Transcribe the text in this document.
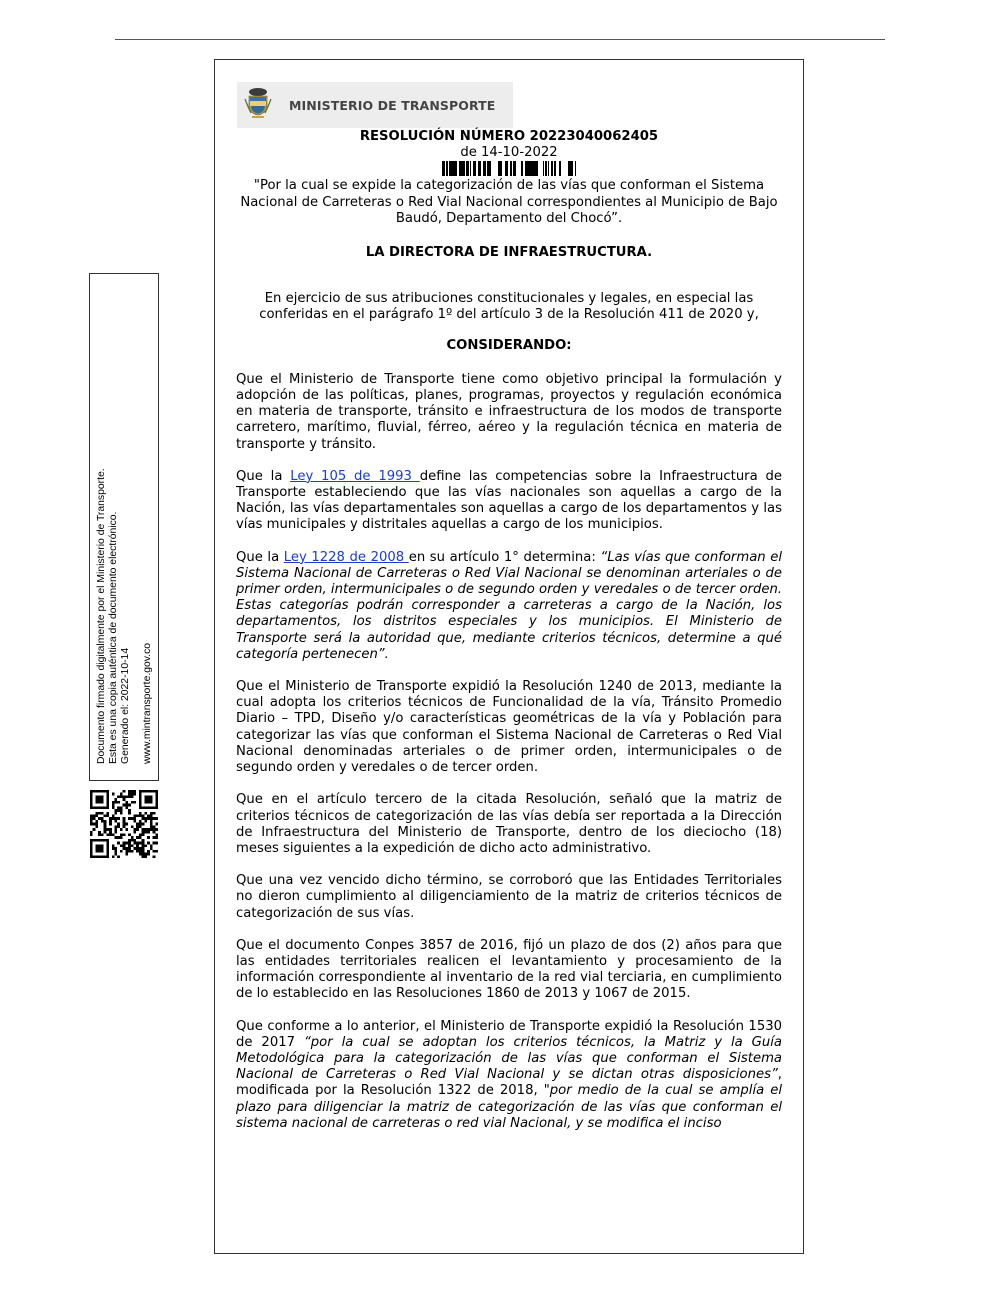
Documento firmado digitalmente por el Ministerio de Transporte. Esta es una copia auténtica de documento electrónico. Generado el: 2022-10-14 www.mintransporte.gov.co
MINISTERIO DE TRANSPORTE
RESOLUCIÓN NÚMERO 20223040062405
de 14-10-2022

"Por la cual se expide la categorización de las vías que conforman el Sistema Nacional de Carreteras o Red Vial Nacional correspondientes al Municipio de Bajo Baudó, Departamento del Chocó”.

LA DIRECTORA DE INFRAESTRUCTURA.

En ejercicio de sus atribuciones constitucionales y legales, en especial las conferidas en el parágrafo 1º del artículo 3 de la Resolución 411 de 2020 y,

CONSIDERANDO:

Que el Ministerio de Transporte tiene como objetivo principal la formulación y adopción de las políticas, planes, programas, proyectos y regulación económica en materia de transporte, tránsito e infraestructura de los modos de transporte carretero, marítimo, fluvial, férreo, aéreo y la regulación técnica en materia de transporte y tránsito.

Que la Ley 105 de 1993 define las competencias sobre la Infraestructura de Transporte estableciendo que las vías nacionales son aquellas a cargo de la Nación, las vías departamentales son aquellas a cargo de los departamentos y las vías municipales y distritales aquellas a cargo de los municipios.

Que la Ley 1228 de 2008 en su artículo 1° determina: “Las vías que conforman el Sistema Nacional de Carreteras o Red Vial Nacional se denominan arteriales o de primer orden, intermunicipales o de segundo orden y veredales o de tercer orden. Estas categorías podrán corresponder a carreteras a cargo de la Nación, los departamentos, los distritos especiales y los municipios. El Ministerio de Transporte será la autoridad que, mediante criterios técnicos, determine a qué categoría pertenecen”.

Que el Ministerio de Transporte expidió la Resolución 1240 de 2013, mediante la cual adopta los criterios técnicos de Funcionalidad de la vía, Tránsito Promedio Diario – TPD, Diseño y/o características geométricas de la vía y Población para categorizar las vías que conforman el Sistema Nacional de Carreteras o Red Vial Nacional denominadas arteriales o de primer orden, intermunicipales o de segundo orden y veredales o de tercer orden.

Que en el artículo tercero de la citada Resolución, señaló que la matriz de criterios técnicos de categorización de las vías debía ser reportada a la Dirección de Infraestructura del Ministerio de Transporte, dentro de los dieciocho (18) meses siguientes a la expedición de dicho acto administrativo.

Que una vez vencido dicho término, se corroboró que las Entidades Territoriales no dieron cumplimiento al diligenciamiento de la matriz de criterios técnicos de categorización de sus vías.

Que el documento Conpes 3857 de 2016, fijó un plazo de dos (2) años para que las entidades territoriales realicen el levantamiento y procesamiento de la información correspondiente al inventario de la red vial terciaria, en cumplimiento de lo establecido en las Resoluciones 1860 de 2013 y 1067 de 2015.

Que conforme a lo anterior, el Ministerio de Transporte expidió la Resolución 1530 de 2017 “por la cual se adoptan los criterios técnicos, la Matriz y la Guía Metodológica para la categorización de las vías que conforman el Sistema Nacional de Carreteras o Red Vial Nacional y se dictan otras disposiciones”, modificada por la Resolución 1322 de 2018, "por medio de la cual se amplía el plazo para diligenciar la matriz de categorización de las vías que conforman el sistema nacional de carreteras o red vial Nacional, y se modifica el inciso
